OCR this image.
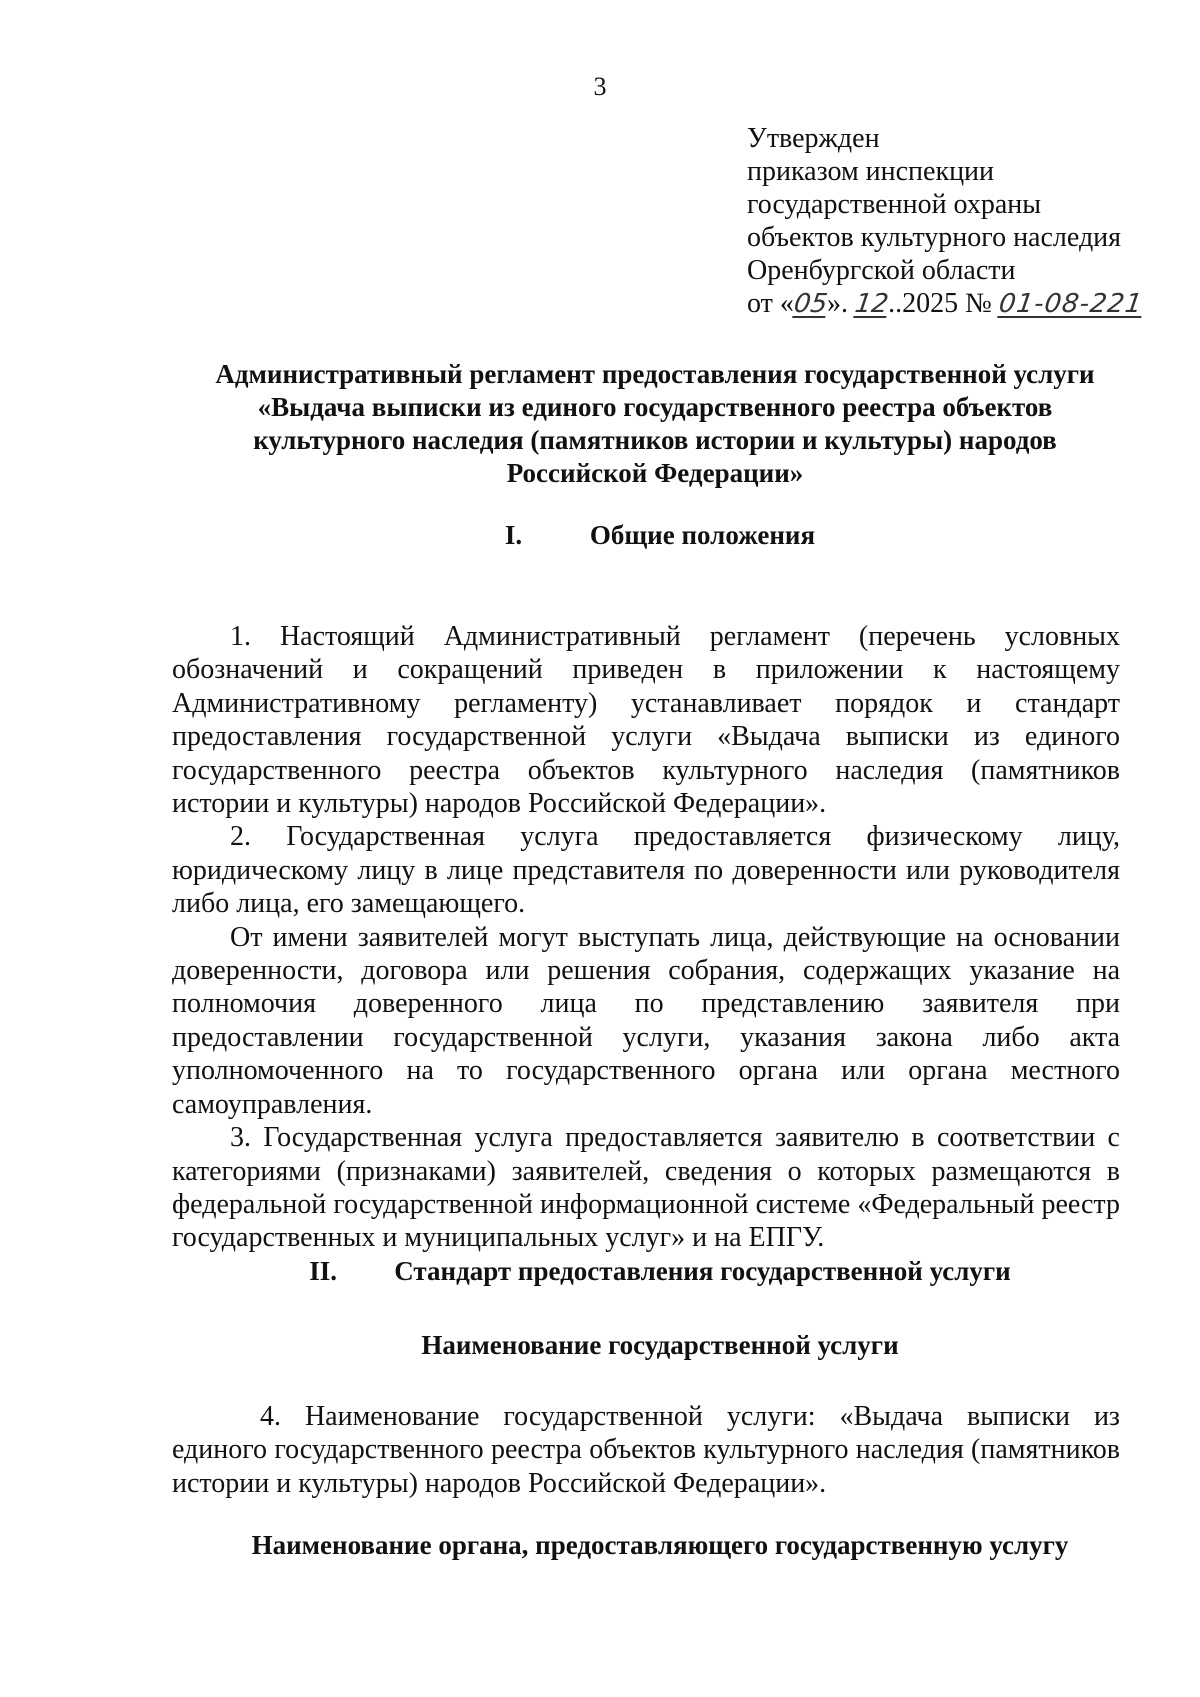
3
Утвержден
приказом инспекции
государственной охраны
объектов культурного наследия
Оренбургской области
от «05». 12..2025 № 01-08-221
Административный регламент предоставления государственной услуги
«Выдача выписки из единого государственного реестра объектов
культурного наследия (памятников истории и культуры) народов
Российской Федерации»
I.	Общие положения

1. Настоящий Административный регламент (перечень условных обозначений и сокращений приведен в приложении к настоящему Административному регламенту) устанавливает порядок и стандарт предоставления государственной услуги «Выдача выписки из единого государственного реестра объектов культурного наследия (памятников истории и культуры) народов Российской Федерации».

2. Государственная услуга предоставляется физическому лицу, юридическому лицу в лице представителя по доверенности или руководителя либо лица, его замещающего.

От имени заявителей могут выступать лица, действующие на основании доверенности, договора или решения собрания, содержащих указание на полномочия доверенного лица по представлению заявителя при предоставлении государственной услуги, указания закона либо акта уполномоченного на то государственного органа или органа местного самоуправления.

3. Государственная услуга предоставляется заявителю в соответствии с категориями (признаками) заявителей, сведения о которых размещаются в федеральной государственной информационной системе «Федеральный реестр государственных и муниципальных услуг» и на ЕПГУ.

II. Стандарт предоставления государственной услуги
Наименование государственной услуги

4. Наименование государственной услуги: «Выдача выписки из единого государственного реестра объектов культурного наследия (памятников истории и культуры) народов Российской Федерации».

Наименование органа, предоставляющего государственную услугу
